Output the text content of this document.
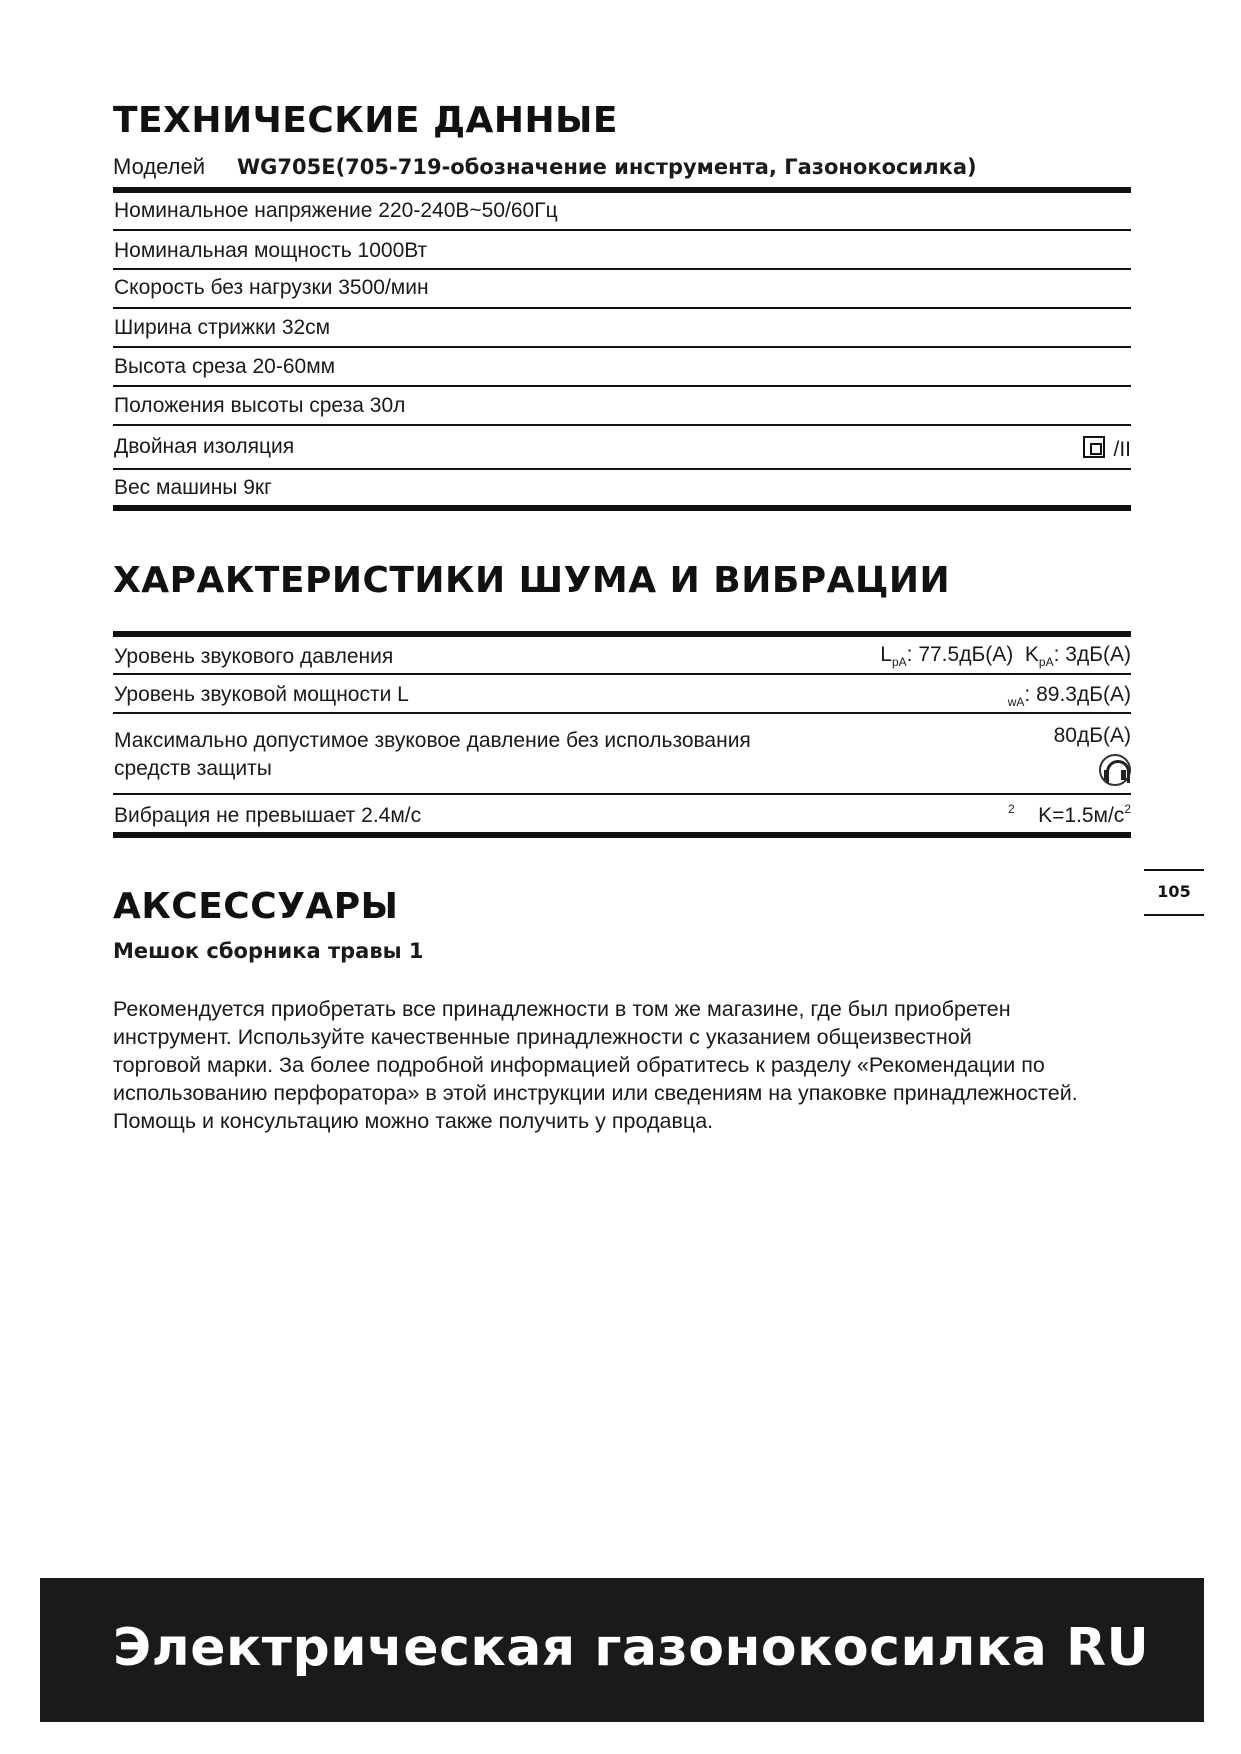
ТЕХНИЧЕСКИЕ ДАННЫЕ
Моделей WG705E(705-719-обозначение инструмента, Газонокосилка)
Номинальное напряжение 220-240В~50/60Гц
Номинальная мощность 1000Вт
Скорость без нагрузки 3500/мин
Ширина стрижки 32см
Высота среза 20-60мм
Положения высоты среза 30л
Двойная изоляция	/II
Вес машины 9кг
ХАРАКТЕРИСТИКИ ШУМА И ВИБРАЦИИ
Уровень звукового давления	$L_{pA}$: 77.5дБ(A) $K_{pA}$: 3дБ(A)
Уровень звуковой мощности L	$_{wA}$: 89.3дБ(A)
Максимально допустимое звуковое давление без использования
средств защиты
80дБ(A)
Вибрация не превышает 2.4м/с	$^2$ $K=1.5м/с^2$
105
АКСЕССУАРЫ
Мешок сборника травы 1
Рекомендуется приобретать все принадлежности в том же магазине, где был приобретен
инструмент. Используйте качественные принадлежности с указанием общеизвестной
торговой марки. За более подробной информацией обратитесь к разделу «Рекомендации по
использованию перфоратора» в этой инструкции или сведениям на упаковке принадлежностей.
Помощь и консультацию можно также получить у продавца.
Электрическая газонокосилка RU
